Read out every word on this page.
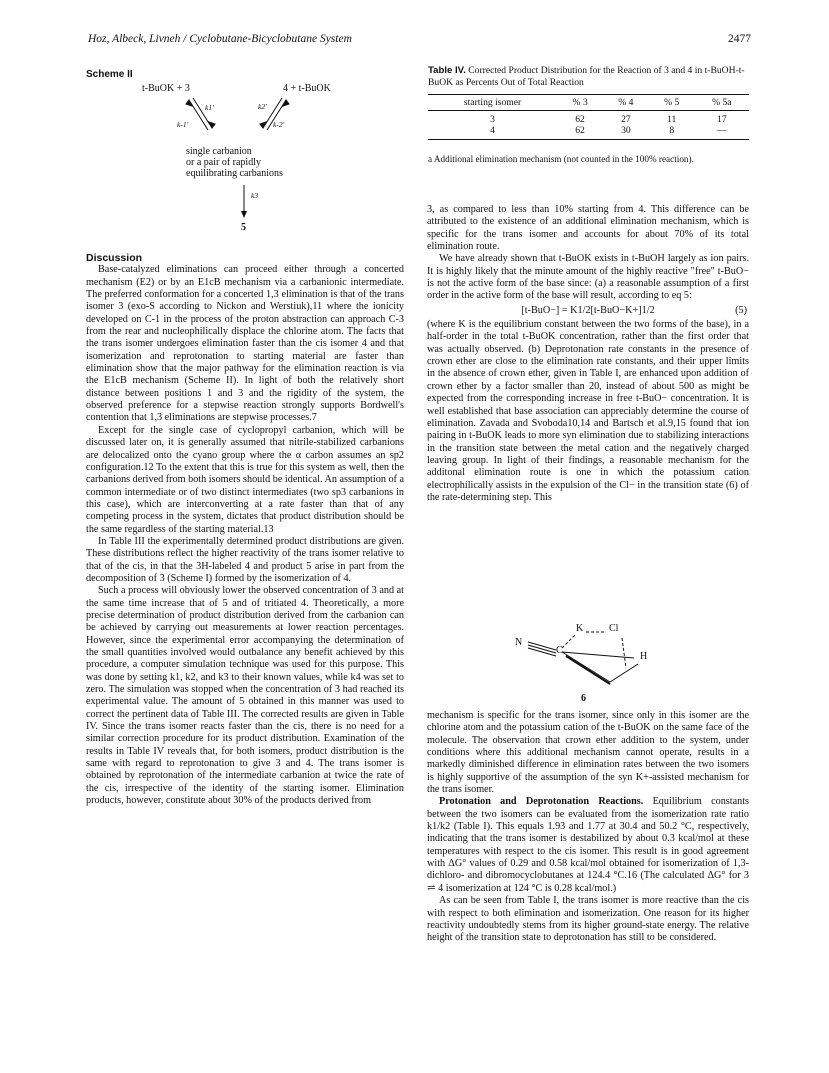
Hoz, Albeck, Livneh / Cyclobutane-Bicyclobutane System	2477
Scheme II
t-BuOK + 3	4 + t-BuOK
k1'
k-1'
k2'
k-2'
single carbanion
or a pair of rapidly
equilibrating carbanions
k3
5
Table IV. Corrected Product Distribution for the Reaction of 3 and 4 in t-BuOH-t-BuOK as Percents Out of Total Reaction
starting isomer	% 3	% 4	% 5	% 5a
3	62	27	11	17
4	62	30	8	—
a Additional elimination mechanism (not counted in the 100% reaction).

Discussion

Base-catalyzed eliminations can proceed either through a concerted mechanism (E2) or by an E1cB mechanism via a carbanionic intermediate. The preferred conformation for a concerted 1,3 elimination is that of the trans isomer 3 (exo-S according to Nickon and Werstiuk),11 where the ionicity developed on C-1 in the process of the proton abstraction can approach C-3 from the rear and nucleophilically displace the chlorine atom. The facts that the trans isomer undergoes elimination faster than the cis isomer 4 and that isomerization and reprotonation to starting material are faster than elimination show that the major pathway for the elimination reaction is via the E1cB mechanism (Scheme II). In light of both the relatively short distance between positions 1 and 3 and the rigidity of the system, the observed preference for a stepwise reaction strongly supports Bordwell's contention that 1,3 eliminations are stepwise processes.7

Except for the single case of cyclopropyl carbanion, which will be discussed later on, it is generally assumed that nitrile-stabilized carbanions are delocalized onto the cyano group where the α carbon assumes an sp2 configuration.12 To the extent that this is true for this system as well, then the carbanions derived from both isomers should be identical. An assumption of a common intermediate or of two distinct intermediates (two sp3 carbanions in this case), which are interconverting at a rate faster than that of any competing process in the system, dictates that product distribution should be the same regardless of the starting material.13

In Table III the experimentally determined product distributions are given. These distributions reflect the higher reactivity of the trans isomer relative to that of the cis, in that the 3H-labeled 4 and product 5 arise in part from the decomposition of 3 (Scheme I) formed by the isomerization of 4.

Such a process will obviously lower the observed concentration of 3 and at the same time increase that of 5 and of tritiated 4. Theoretically, a more precise determination of product distribution derived from the carbanion can be achieved by carrying out measurements at lower reaction percentages. However, since the experimental error accompanying the determination of the small quantities involved would outbalance any benefit achieved by this procedure, a computer simulation technique was used for this purpose. This was done by setting k1, k2, and k3 to their known values, while k4 was set to zero. The simulation was stopped when the concentration of 3 had reached its experimental value. The amount of 5 obtained in this manner was used to correct the pertinent data of Table III. The corrected results are given in Table IV. Since the trans isomer reacts faster than the cis, there is no need for a similar correction procedure for its product distribution. Examination of the results in Table IV reveals that, for both isomers, product distribution is the same with regard to reprotonation to give 3 and 4. The trans isomer is obtained by reprotonation of the intermediate carbanion at twice the rate of the cis, irrespective of the identity of the starting isomer. Elimination products, however, constitute about 30% of the products derived from

3, as compared to less than 10% starting from 4. This difference can be attributed to the existence of an additional elimination mechanism, which is specific for the trans isomer and accounts for about 70% of its total elimination route.

We have already shown that t-BuOK exists in t-BuOH largely as ion pairs. It is highly likely that the minute amount of the highly reactive "free" t-BuO− is not the active form of the base since: (a) a reasonable assumption of a first order in the active form of the base will result, according to eq 5:

[t-BuO−] = K1/2[t-BuO−K+]1/2	(5)

(where K is the equilibrium constant between the two forms of the base), in a half-order in the total t-BuOK concentration, rather than the first order that was actually observed. (b) Deprotonation rate constants in the presence of crown ether are close to the elimination rate constants, and their upper limits in the absence of crown ether, given in Table I, are enhanced upon addition of crown ether by a factor smaller than 20, instead of about 500 as might be expected from the corresponding increase in free t-BuO− concentration. It is well established that base association can appreciably determine the course of elimination. Zavada and Svoboda10,14 and Bartsch et al.9,15 found that ion pairing in t-BuOK leads to more syn elimination due to stabilizing interactions in the transition state between the metal cation and the negatively charged leaving group. In light of their findings, a reasonable mechanism for the additonal elimination route is one in which the potassium cation electrophilically assists in the expulsion of the Cl− in the transition state (6) of the rate-determining step. This

K	Cl
N
C
H
6

mechanism is specific for the trans isomer, since only in this isomer are the chlorine atom and the potassium cation of the t-BuOK on the same face of the molecule. The observation that crown ether addition to the system, under conditions where this additional mechanism cannot operate, results in a markedly diminished difference in elimination rates between the two isomers is highly supportive of the assumption of the syn K+-assisted mechanism for the trans isomer.

Protonation and Deprotonation Reactions. Equilibrium constants between the two isomers can be evaluated from the isomerization rate ratio k1/k2 (Table I). This equals 1.93 and 1.77 at 30.4 and 50.2 °C, respectively, indicating that the trans isomer is destabilized by about 0.3 kcal/mol at these temperatures with respect to the cis isomer. This result is in good agreement with ΔG° values of 0.29 and 0.58 kcal/mol obtained for isomerization of 1,3-dichloro- and dibromocyclobutanes at 124.4 °C.16 (The calculated ΔG° for 3 ⇌ 4 isomerization at 124 °C is 0.28 kcal/mol.)

As can be seen from Table I, the trans isomer is more reactive than the cis with respect to both elimination and isomerization. One reason for its higher reactivity undoubtedly stems from its higher ground-state energy. The relative height of the transition state to deprotonation has still to be considered.
